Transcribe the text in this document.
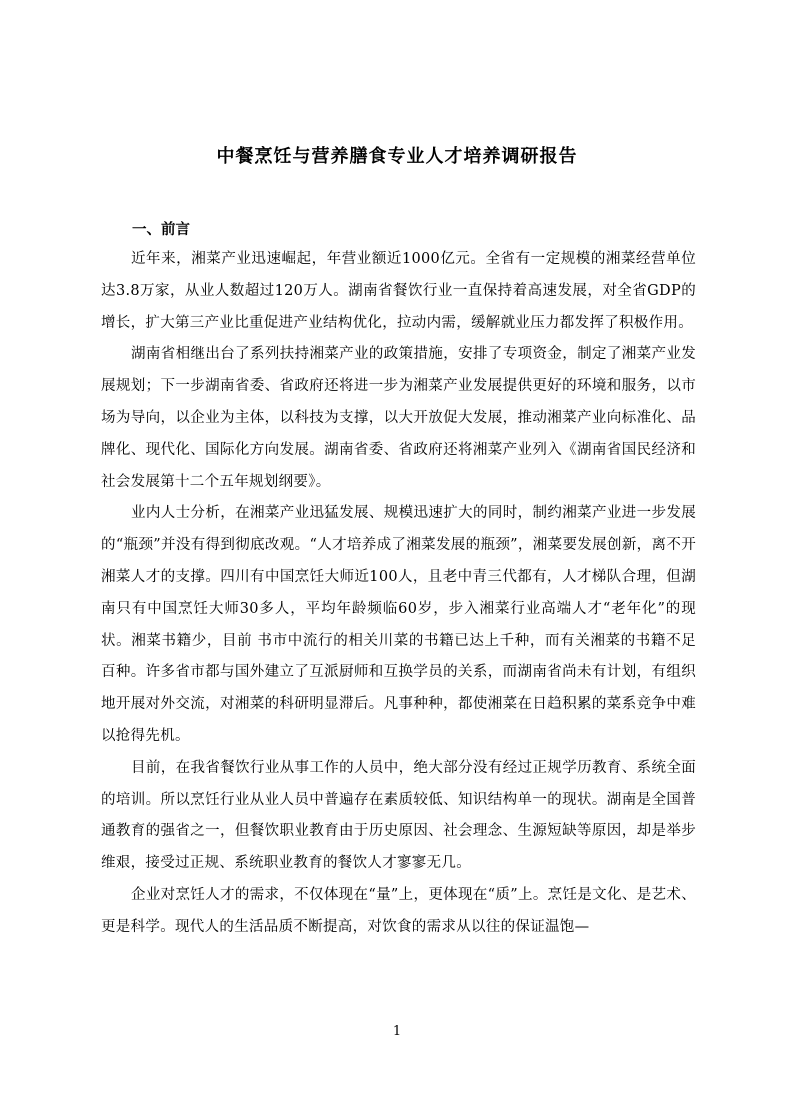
中餐烹饪与营养膳食专业人才培养调研报告
一、前言

近年来，湘菜产业迅速崛起，年营业额近1000亿元。全省有一定规模的湘菜经营单位达3.8万家，从业人数超过120万人。湖南省餐饮行业一直保持着高速发展，对全省GDP的增长，扩大第三产业比重促进产业结构优化，拉动内需，缓解就业压力都发挥了积极作用。

湖南省相继出台了系列扶持湘菜产业的政策措施，安排了专项资金，制定了湘菜产业发展规划；下一步湖南省委、省政府还将进一步为湘菜产业发展提供更好的环境和服务，以市场为导向，以企业为主体，以科技为支撑，以大开放促大发展，推动湘菜产业向标准化、品牌化、现代化、国际化方向发展。湖南省委、省政府还将湘菜产业列入《湖南省国民经济和社会发展第十二个五年规划纲要》。

业内人士分析，在湘菜产业迅猛发展、规模迅速扩大的同时，制约湘菜产业进一步发展的“瓶颈”并没有得到彻底改观。“人才培养成了湘菜发展的瓶颈”，湘菜要发展创新，离不开湘菜人才的支撑。四川有中国烹饪大师近100人，且老中青三代都有，人才梯队合理，但湖南只有中国烹饪大师30多人，平均年龄频临60岁，步入湘菜行业高端人才“老年化”的现状。湘菜书籍少，目前 书市中流行的相关川菜的书籍已达上千种，而有关湘菜的书籍不足百种。许多省市都与国外建立了互派厨师和互换学员的关系，而湖南省尚未有计划，有组织地开展对外交流，对湘菜的科研明显滞后。凡事种种，都使湘菜在日趋积累的菜系竞争中难以抢得先机。

目前，在我省餐饮行业从事工作的人员中，绝大部分没有经过正规学历教育、系统全面的培训。所以烹饪行业从业人员中普遍存在素质较低、知识结构单一的现状。湖南是全国普通教育的强省之一，但餐饮职业教育由于历史原因、社会理念、生源短缺等原因，却是举步维艰，接受过正规、系统职业教育的餐饮人才寥寥无几。

企业对烹饪人才的需求，不仅体现在“量”上，更体现在“质”上。烹饪是文化、是艺术、更是科学。现代人的生活品质不断提高，对饮食的需求从以往的保证温饱—

1
